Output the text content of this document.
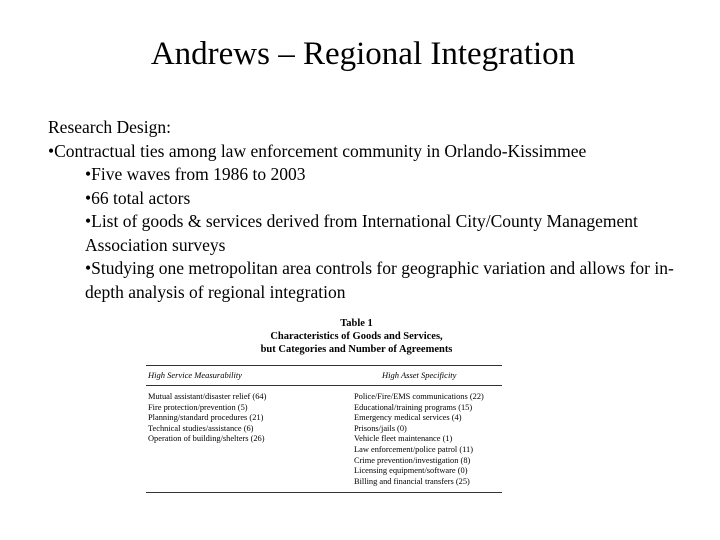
Andrews – Regional Integration

Research Design:

•Contractual ties among law enforcement community in Orlando-Kissimmee

•Five waves from 1986 to 2003

•66 total actors

•List of goods & services derived from International City/County Management Association surveys

•Studying one metropolitan area controls for geographic variation and allows for in-depth analysis of regional integration

Table 1
Characteristics of Goods and Services,
but Categories and Number of Agreements
High Service Measurability	High Asset Specificity
Mutual assistant/disaster relief (64)
Fire protection/prevention (5)
Planning/standard procedures (21)
Technical studies/assistance (6)
Operation of building/shelters (26)
Police/Fire/EMS communications (22)
Educational/training programs (15)
Emergency medical services (4)
Prisons/jails (0)
Vehicle fleet maintenance (1)
Law enforcement/police patrol (11)
Crime prevention/investigation (8)
Licensing equipment/software (0)
Billing and financial transfers (25)
